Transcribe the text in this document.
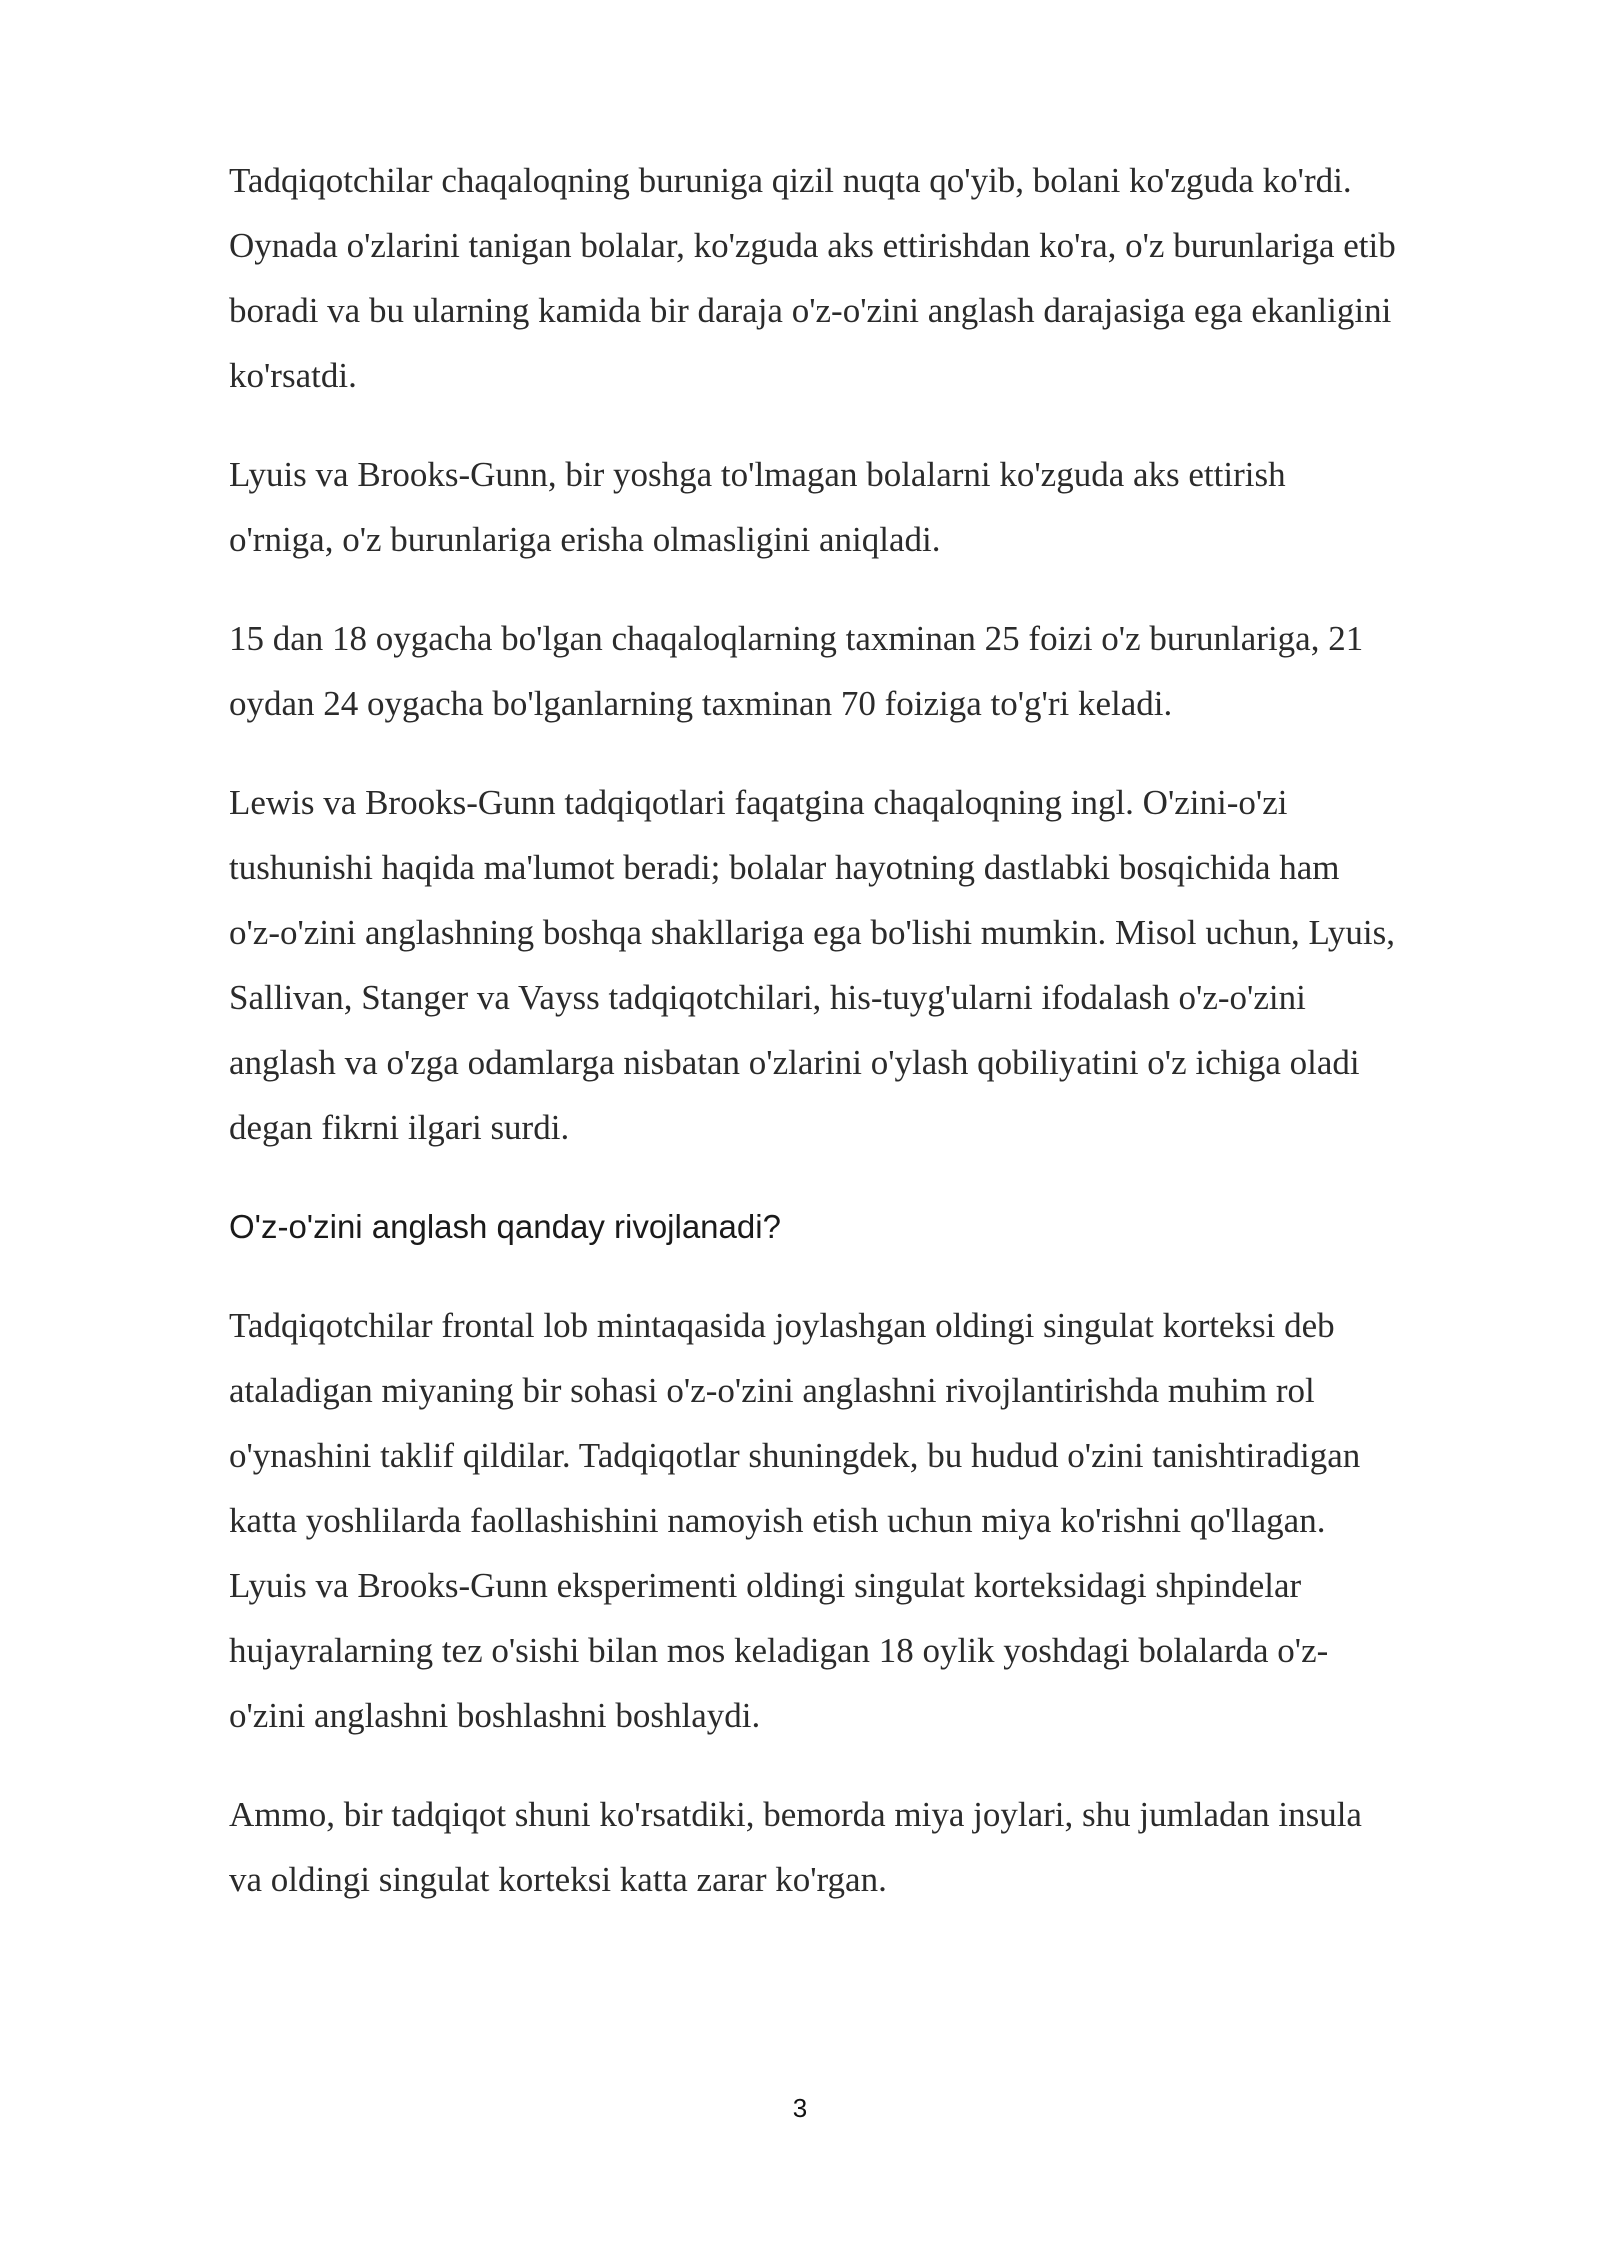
Tadqiqotchilar chaqaloqning buruniga qizil nuqta qo'yib, bolani ko'zguda ko'rdi.
Oynada o'zlarini tanigan bolalar, ko'zguda aks ettirishdan ko'ra, o'z burunlariga etib
boradi va bu ularning kamida bir daraja o'z-o'zini anglash darajasiga ega ekanligini
ko'rsatdi.

Lyuis va Brooks-Gunn, bir yoshga to'lmagan bolalarni ko'zguda aks ettirish
o'rniga, o'z burunlariga erisha olmasligini aniqladi.

15 dan 18 oygacha bo'lgan chaqaloqlarning taxminan 25 foizi o'z burunlariga, 21
oydan 24 oygacha bo'lganlarning taxminan 70 foiziga to'g'ri keladi.

Lewis va Brooks-Gunn tadqiqotlari faqatgina chaqaloqning ingl. O'zini-o'zi
tushunishi haqida ma'lumot beradi; bolalar hayotning dastlabki bosqichida ham
o'z-o'zini anglashning boshqa shakllariga ega bo'lishi mumkin. Misol uchun, Lyuis,
Sallivan, Stanger va Vayss tadqiqotchilari, his-tuyg'ularni ifodalash o'z-o'zini
anglash va o'zga odamlarga nisbatan o'zlarini o'ylash qobiliyatini o'z ichiga oladi
degan fikrni ilgari surdi.

O'z-o'zini anglash qanday rivojlanadi?

Tadqiqotchilar frontal lob mintaqasida joylashgan oldingi singulat korteksi deb
ataladigan miyaning bir sohasi o'z-o'zini anglashni rivojlantirishda muhim rol
o'ynashini taklif qildilar. Tadqiqotlar shuningdek, bu hudud o'zini tanishtiradigan
katta yoshlilarda faollashishini namoyish etish uchun miya ko'rishni qo'llagan.
Lyuis va Brooks-Gunn eksperimenti oldingi singulat korteksidagi shpindelar
hujayralarning tez o'sishi bilan mos keladigan 18 oylik yoshdagi bolalarda o'z-
o'zini anglashni boshlashni boshlaydi.

Ammo, bir tadqiqot shuni ko'rsatdiki, bemorda miya joylari, shu jumladan insula
va oldingi singulat korteksi katta zarar ko'rgan.

3
